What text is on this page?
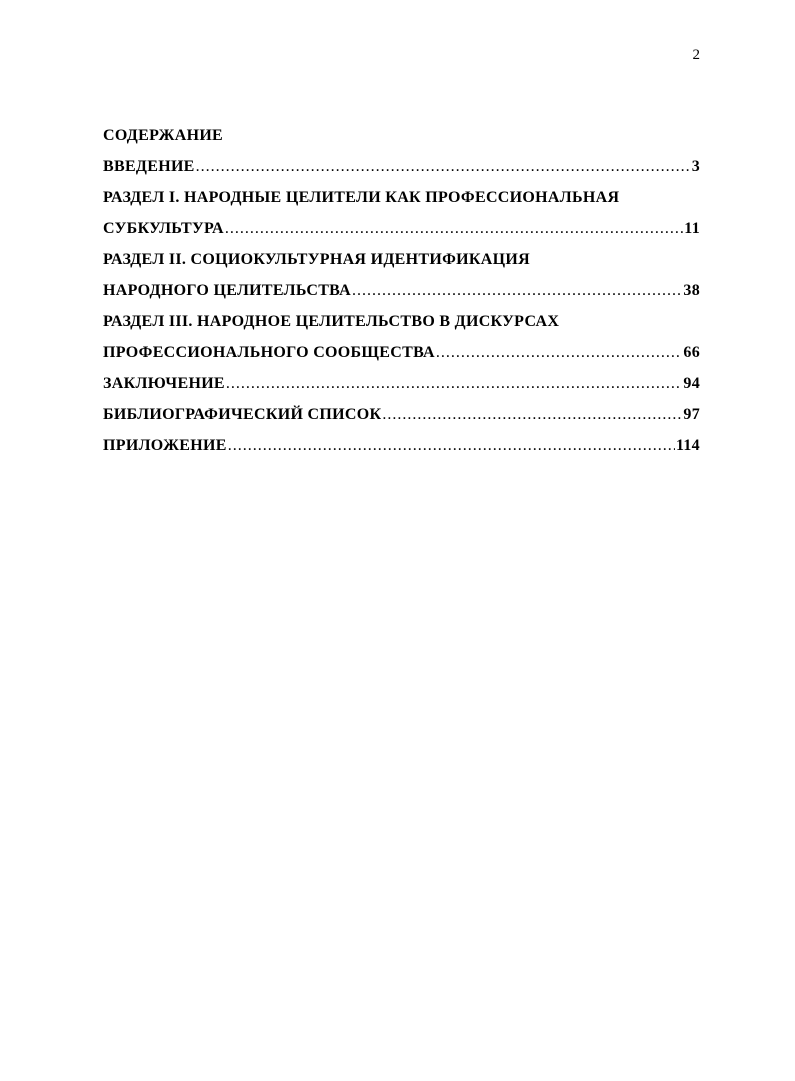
2
СОДЕРЖАНИЕ
ВВЕДЕНИЕ .....	3
РАЗДЕЛ I. НАРОДНЫЕ ЦЕЛИТЕЛИ КАК ПРОФЕССИОНАЛЬНАЯ
СУБКУЛЬТУРА .....	11
РАЗДЕЛ II. СОЦИОКУЛЬТУРНАЯ ИДЕНТИФИКАЦИЯ
НАРОДНОГО ЦЕЛИТЕЛЬСТВА .....	38
РАЗДЕЛ III. НАРОДНОЕ ЦЕЛИТЕЛЬСТВО В ДИСКУРСАХ
ПРОФЕССИОНАЛЬНОГО СООБЩЕСТВА .....	66
ЗАКЛЮЧЕНИЕ .....	94
БИБЛИОГРАФИЧЕСКИЙ СПИСОК .....	97
ПРИЛОЖЕНИЕ .....	114
